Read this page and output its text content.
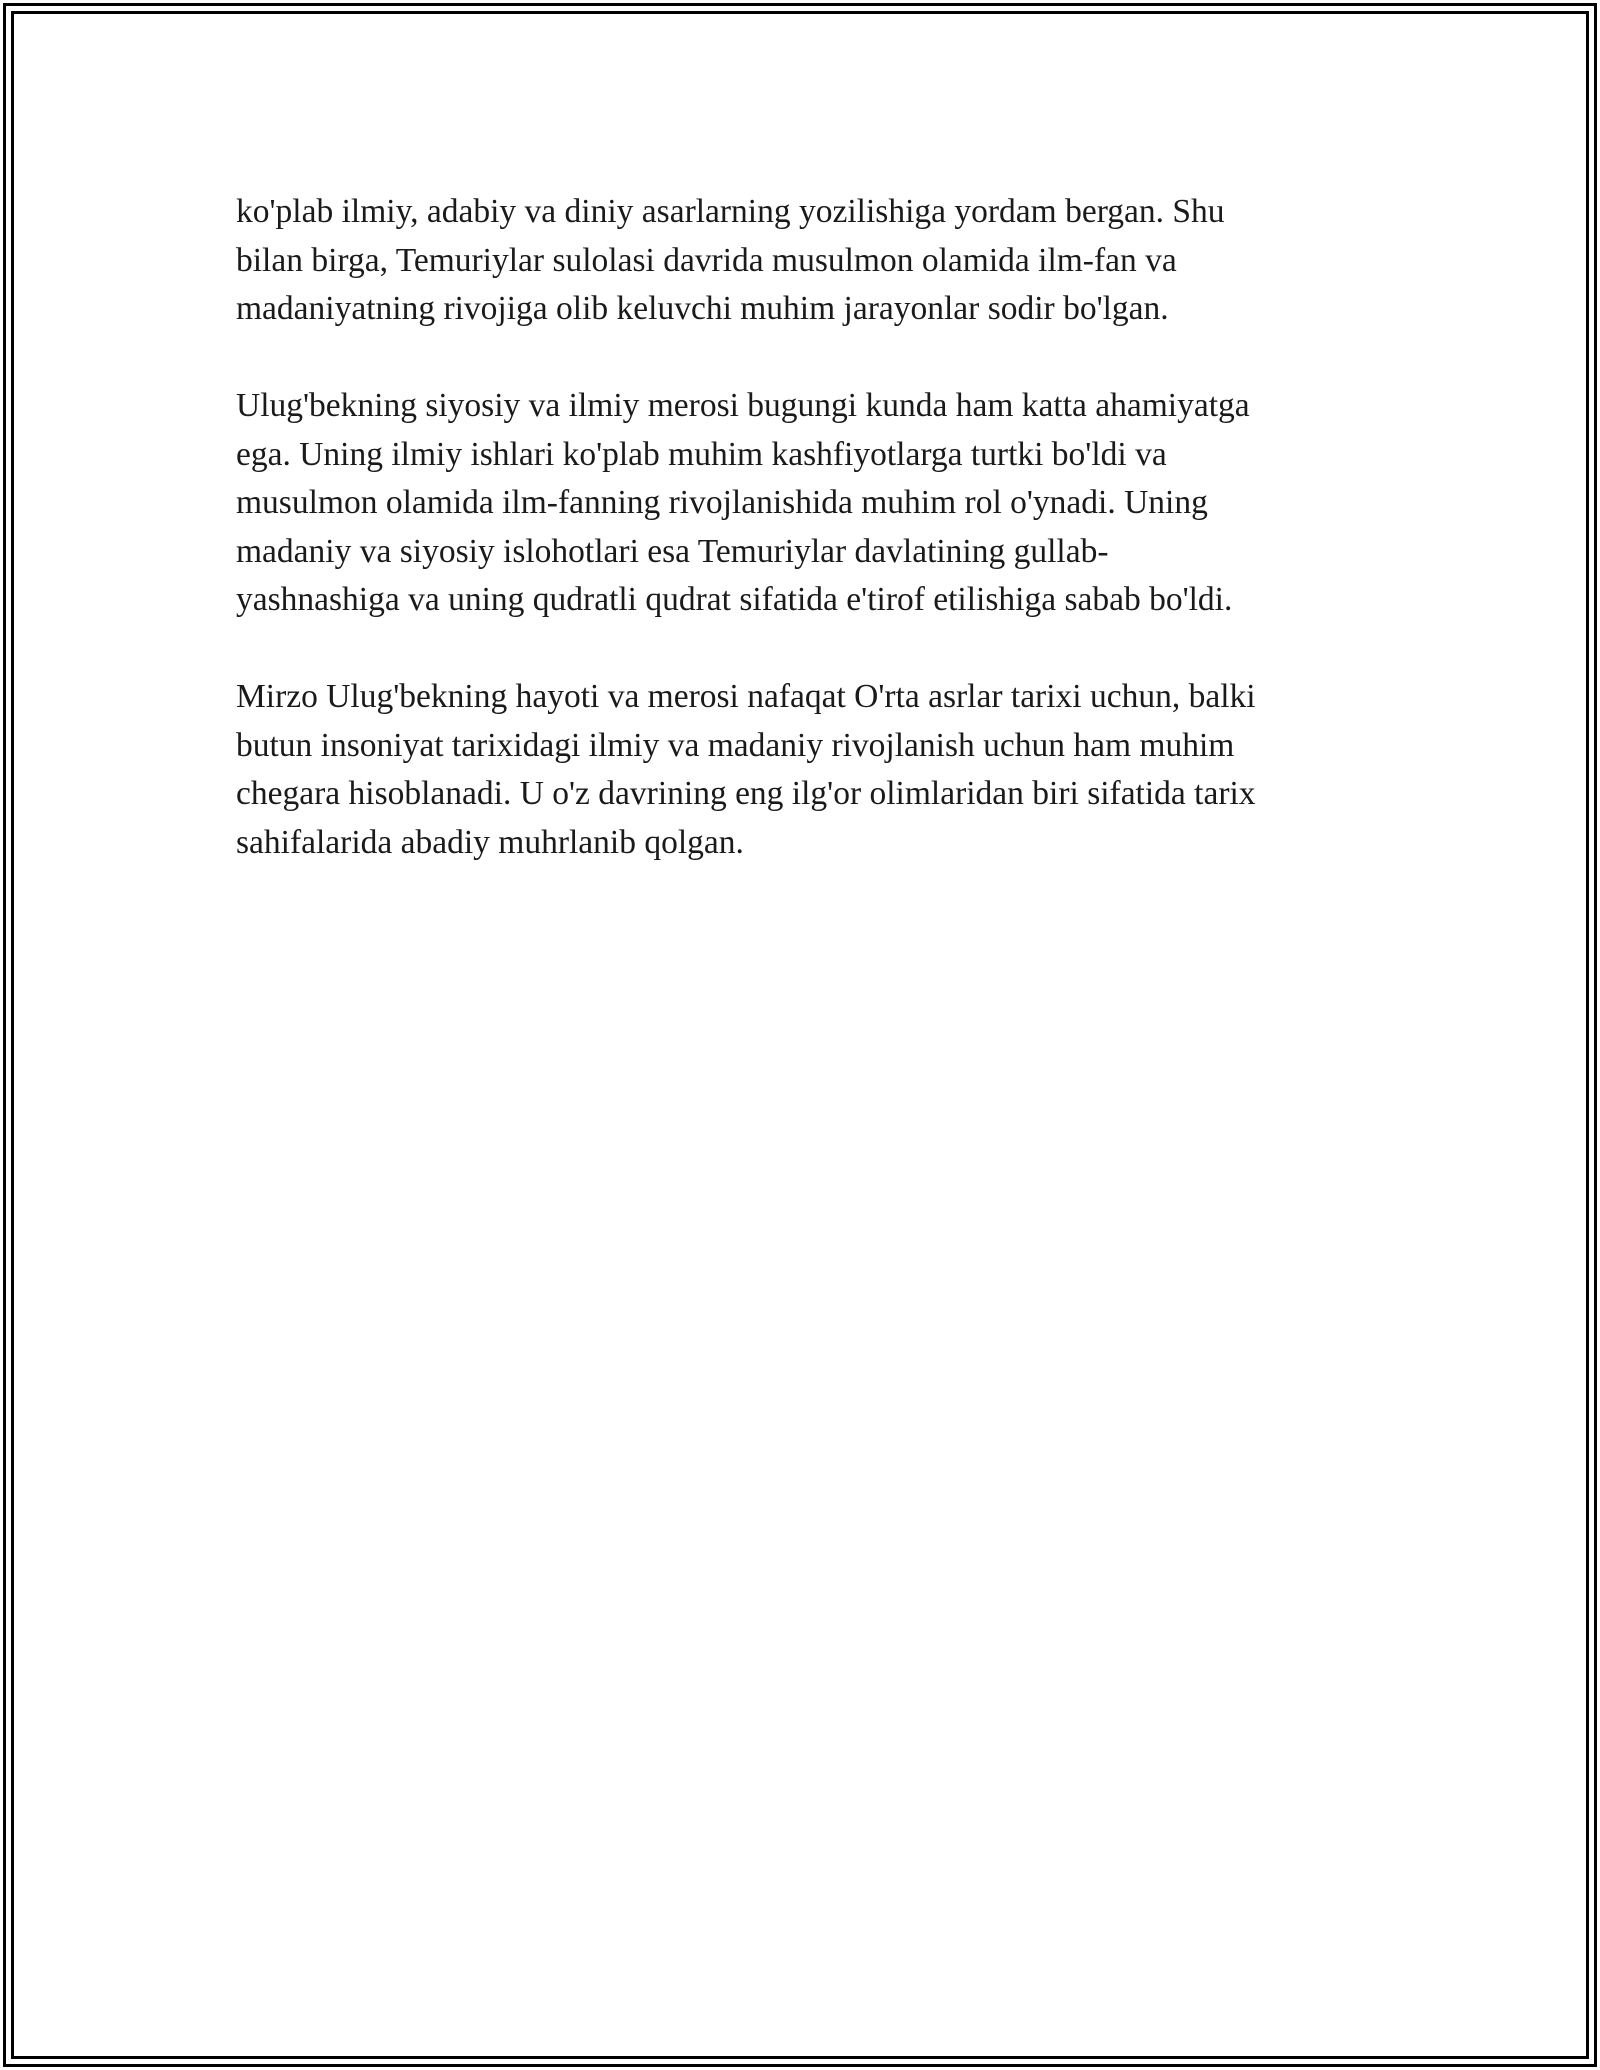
ko'plab ilmiy, adabiy va diniy asarlarning yozilishiga yordam bergan. Shu
bilan birga, Temuriylar sulolasi davrida musulmon olamida ilm-fan va
madaniyatning rivojiga olib keluvchi muhim jarayonlar sodir bo'lgan.

Ulug'bekning siyosiy va ilmiy merosi bugungi kunda ham katta ahamiyatga
ega. Uning ilmiy ishlari ko'plab muhim kashfiyotlarga turtki bo'ldi va
musulmon olamida ilm-fanning rivojlanishida muhim rol o'ynadi. Uning
madaniy va siyosiy islohotlari esa Temuriylar davlatining gullab-
yashnashiga va uning qudratli qudrat sifatida e'tirof etilishiga sabab bo'ldi.

Mirzo Ulug'bekning hayoti va merosi nafaqat O'rta asrlar tarixi uchun, balki
butun insoniyat tarixidagi ilmiy va madaniy rivojlanish uchun ham muhim
chegara hisoblanadi. U o'z davrining eng ilg'or olimlaridan biri sifatida tarix
sahifalarida abadiy muhrlanib qolgan.
